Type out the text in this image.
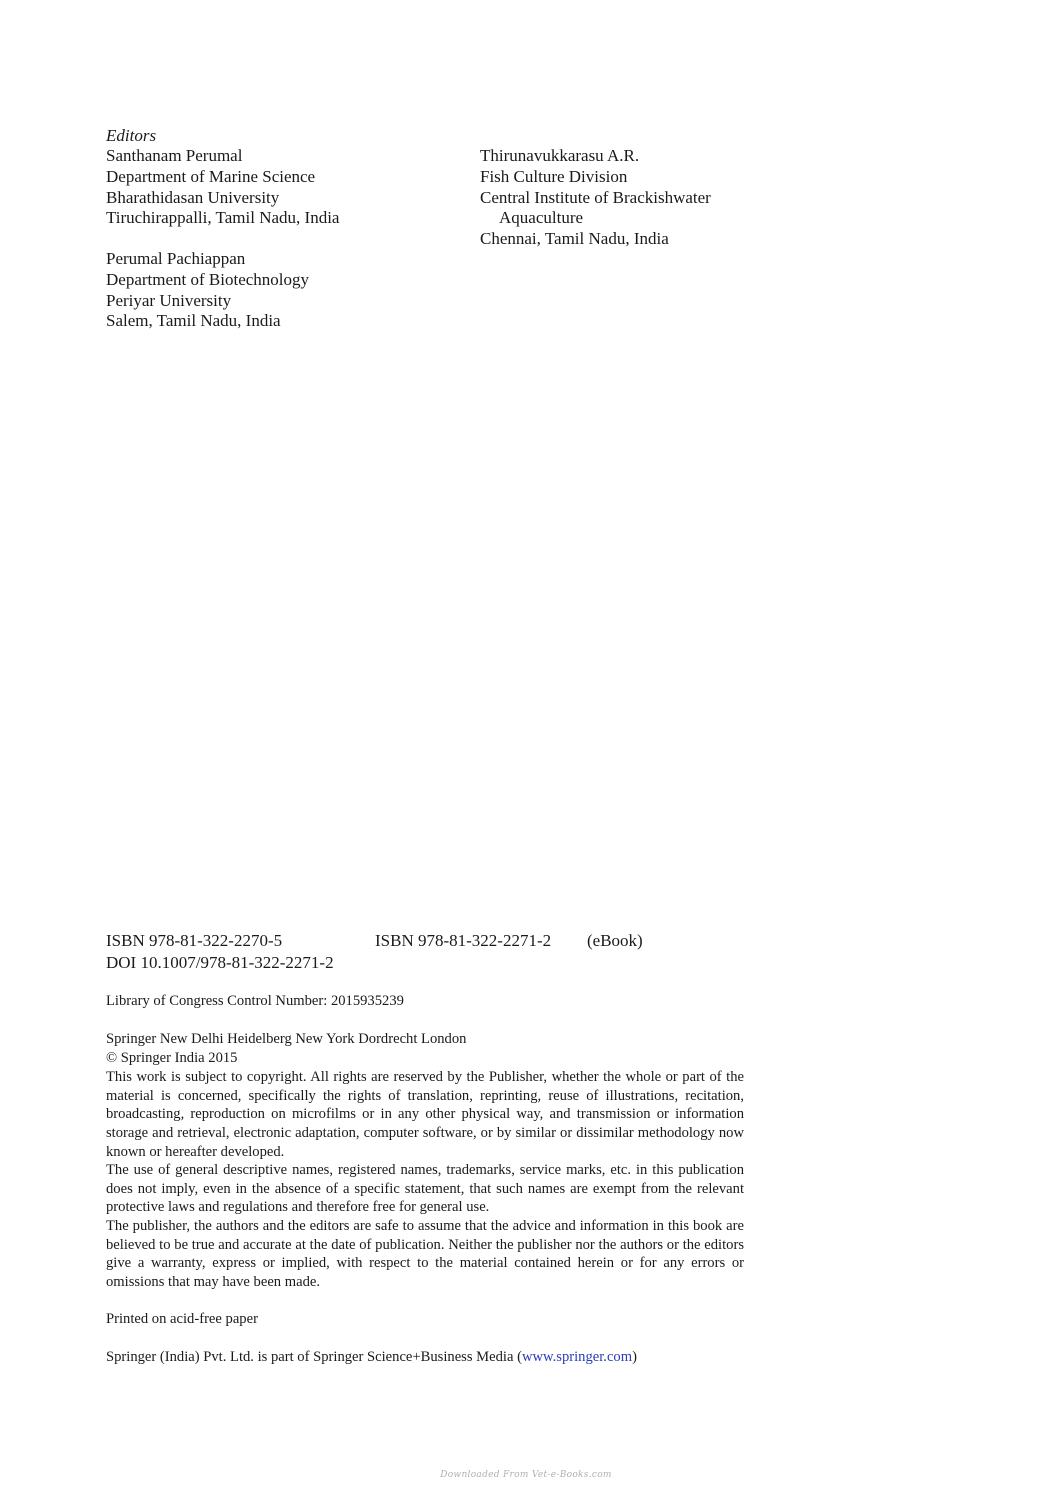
Editors
Santhanam Perumal
Department of Marine Science
Bharathidasan University
Tiruchirappalli, Tamil Nadu, India
Perumal Pachiappan
Department of Biotechnology
Periyar University
Salem, Tamil Nadu, India
Thirunavukkarasu A.R.
Fish Culture Division
Central Institute of Brackishwater
Aquaculture
Chennai, Tamil Nadu, India
ISBN 978-81-322-2270-5	ISBN 978-81-322-2271-2 (eBook)
DOI 10.1007/978-81-322-2271-2
Library of Congress Control Number: 2015935239
Springer New Delhi Heidelberg New York Dordrecht London
© Springer India 2015

This work is subject to copyright. All rights are reserved by the Publisher, whether the whole or part of the material is concerned, specifically the rights of translation, reprinting, reuse of illustrations, recitation, broadcasting, reproduction on microfilms or in any other physical way, and transmission or information storage and retrieval, electronic adaptation, computer software, or by similar or dissimilar methodology now known or hereafter developed.

The use of general descriptive names, registered names, trademarks, service marks, etc. in this publication does not imply, even in the absence of a specific statement, that such names are exempt from the relevant protective laws and regulations and therefore free for general use.

The publisher, the authors and the editors are safe to assume that the advice and information in this book are believed to be true and accurate at the date of publication. Neither the publisher nor the authors or the editors give a warranty, express or implied, with respect to the material contained herein or for any errors or omissions that may have been made.

Printed on acid-free paper
Springer (India) Pvt. Ltd. is part of Springer Science+Business Media (www.springer.com)
Downloaded From Vet-e-Books.com
